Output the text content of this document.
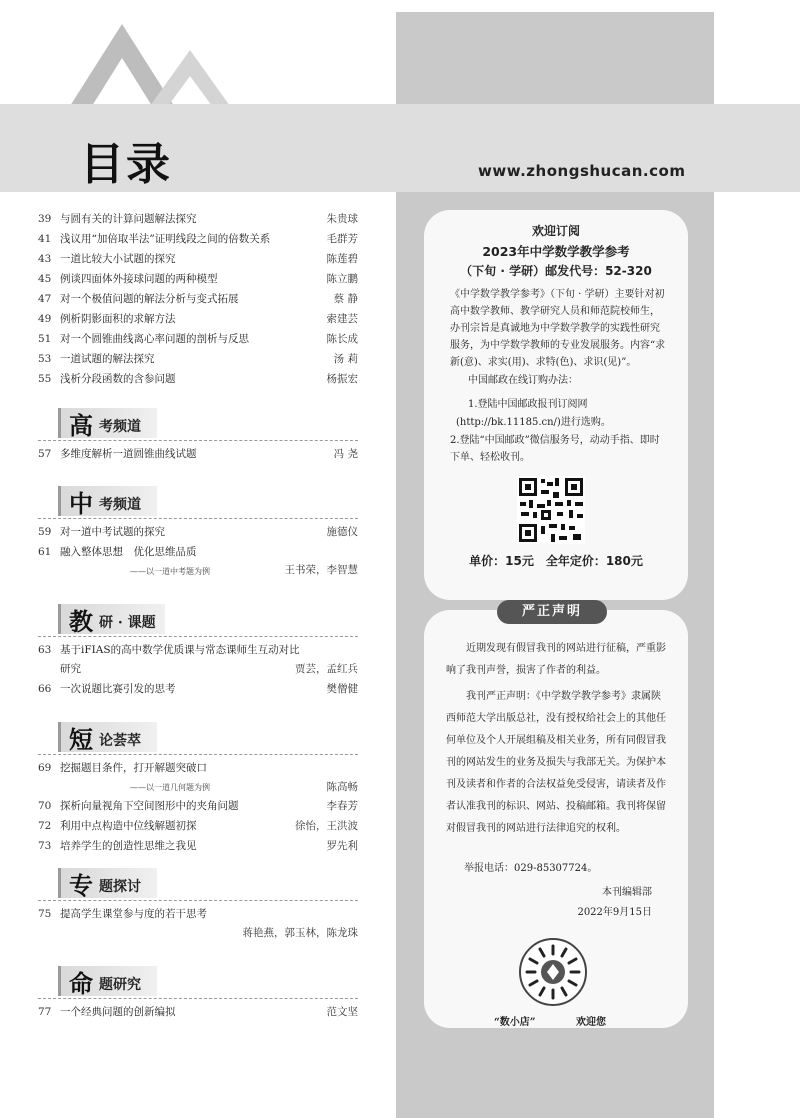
目录	www.zhongshucan.com
39 与圆有关的计算问题解法探究	朱贵球
41 浅议用“加倍取半法”证明线段之间的倍数关系	毛群芳
43 一道比较大小试题的探究	陈莲碧
45 例谈四面体外接球问题的两种模型	陈立鹏
47 对一个极值问题的解法分析与变式拓展	蔡 静
49 例析阴影面积的求解方法	索建芸
51 对一个圆锥曲线离心率问题的剖析与反思	陈长成
53 一道试题的解法探究	汤 莉
55 浅析分段函数的含参问题	杨振宏
高 考频道
57 多维度解析一道圆锥曲线试题	冯 尧
中 考频道
59 对一道中考试题的探究	施德仪
61 融入整体思想　优化思维品质
——以一道中考题为例	王书荣，李智慧
教 研 · 课题
63 基于iFIAS的高中数学优质课与常态课师生互动对比
研究	贾芸，孟红兵
66 一次说题比赛引发的思考	樊僧健
短 论荟萃
69 挖掘题目条件，打开解题突破口
——以一道几何题为例	陈高畅
70 探析向量视角下空间图形中的夹角问题	李春芳
72 利用中点构造中位线解题初探	徐怡，王洪波
73 培养学生的创造性思维之我见	罗先利
专 题探讨
75 提高学生课堂参与度的若干思考
蒋艳燕，郭玉林，陈龙珠
命 题研究
77 一个经典问题的创新编拟	范文坚
欢迎订阅
2023年中学数学教学参考
（下旬 · 学研）邮发代号：52-320
《中学数学教学参考》（下旬 · 学研）主要针对初高中数学教师、教学研究人员和师范院校师生，办刊宗旨是真诚地为中学数学教学的实践性研究服务，为中学数学教师的专业发展服务。内容“求新(意)、求实(用)、求特(色)、求识(见)”。
中国邮政在线订购办法：
1.登陆中国邮政报刊订阅网
(http://bk.11185.cn/)进行选购。
2.登陆“中国邮政”微信服务号，动动手指、即时下单、轻松收刊。
单价：15元　全年定价：180元
近期发现有假冒我刊的网站进行征稿，严重影响了我刊声誉，损害了作者的利益。
我刊严正声明：《中学数学教学参考》隶属陕西师范大学出版总社，没有授权给社会上的其他任何单位及个人开展组稿及相关业务，所有同假冒我刊的网站发生的业务及损失与我部无关。为保护本刊及读者和作者的合法权益免受侵害，请读者及作者认准我刊的标识、网站、投稿邮箱。我刊将保留对假冒我刊的网站进行法律追究的权利。
举报电话：029-85307724。
本刊编辑部
2022年9月15日
“数小店”	欢迎您
严正声明
